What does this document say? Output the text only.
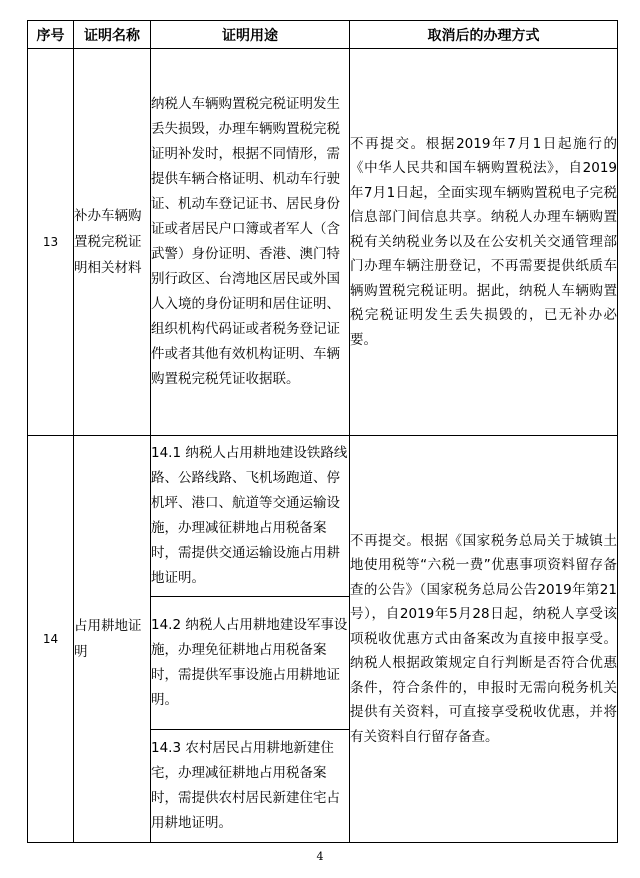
序号	证明名称	证明用途	取消后的办理方式
13	补办车辆购置税完税证明相关材料	纳税人车辆购置税完税证明发生丢失损毁，办理车辆购置税完税证明补发时，根据不同情形，需提供车辆合格证明、机动车行驶证、机动车登记证书、居民身份证或者居民户口簿或者军人（含武警）身份证明、香港、澳门特别行政区、台湾地区居民或外国人入境的身份证明和居住证明、组织机构代码证或者税务登记证件或者其他有效机构证明、车辆购置税完税凭证收据联。	不再提交。根据2019年7月1日起施行的《中华人民共和国车辆购置税法》，自2019年7月1日起，全面实现车辆购置税电子完税信息部门间信息共享。纳税人办理车辆购置税有关纳税业务以及在公安机关交通管理部门办理车辆注册登记，不再需要提供纸质车辆购置税完税证明。据此，纳税人车辆购置税完税证明发生丢失损毁的，已无补办必要。
14	占用耕地证明	14.1 纳税人占用耕地建设铁路线路、公路线路、飞机场跑道、停机坪、港口、航道等交通运输设施，办理减征耕地占用税备案时，需提供交通运输设施占用耕地证明。	不再提交。根据《国家税务总局关于城镇土地使用税等“六税一费”优惠事项资料留存备查的公告》（国家税务总局公告2019年第21号），自2019年5月28日起，纳税人享受该项税收优惠方式由备案改为直接申报享受。纳税人根据政策规定自行判断是否符合优惠条件，符合条件的，申报时无需向税务机关提供有关资料，可直接享受税收优惠，并将有关资料自行留存备查。
		14.2 纳税人占用耕地建设军事设施，办理免征耕地占用税备案时，需提供军事设施占用耕地证明。	
		14.3 农村居民占用耕地新建住宅，办理减征耕地占用税备案时，需提供农村居民新建住宅占用耕地证明。	
4
